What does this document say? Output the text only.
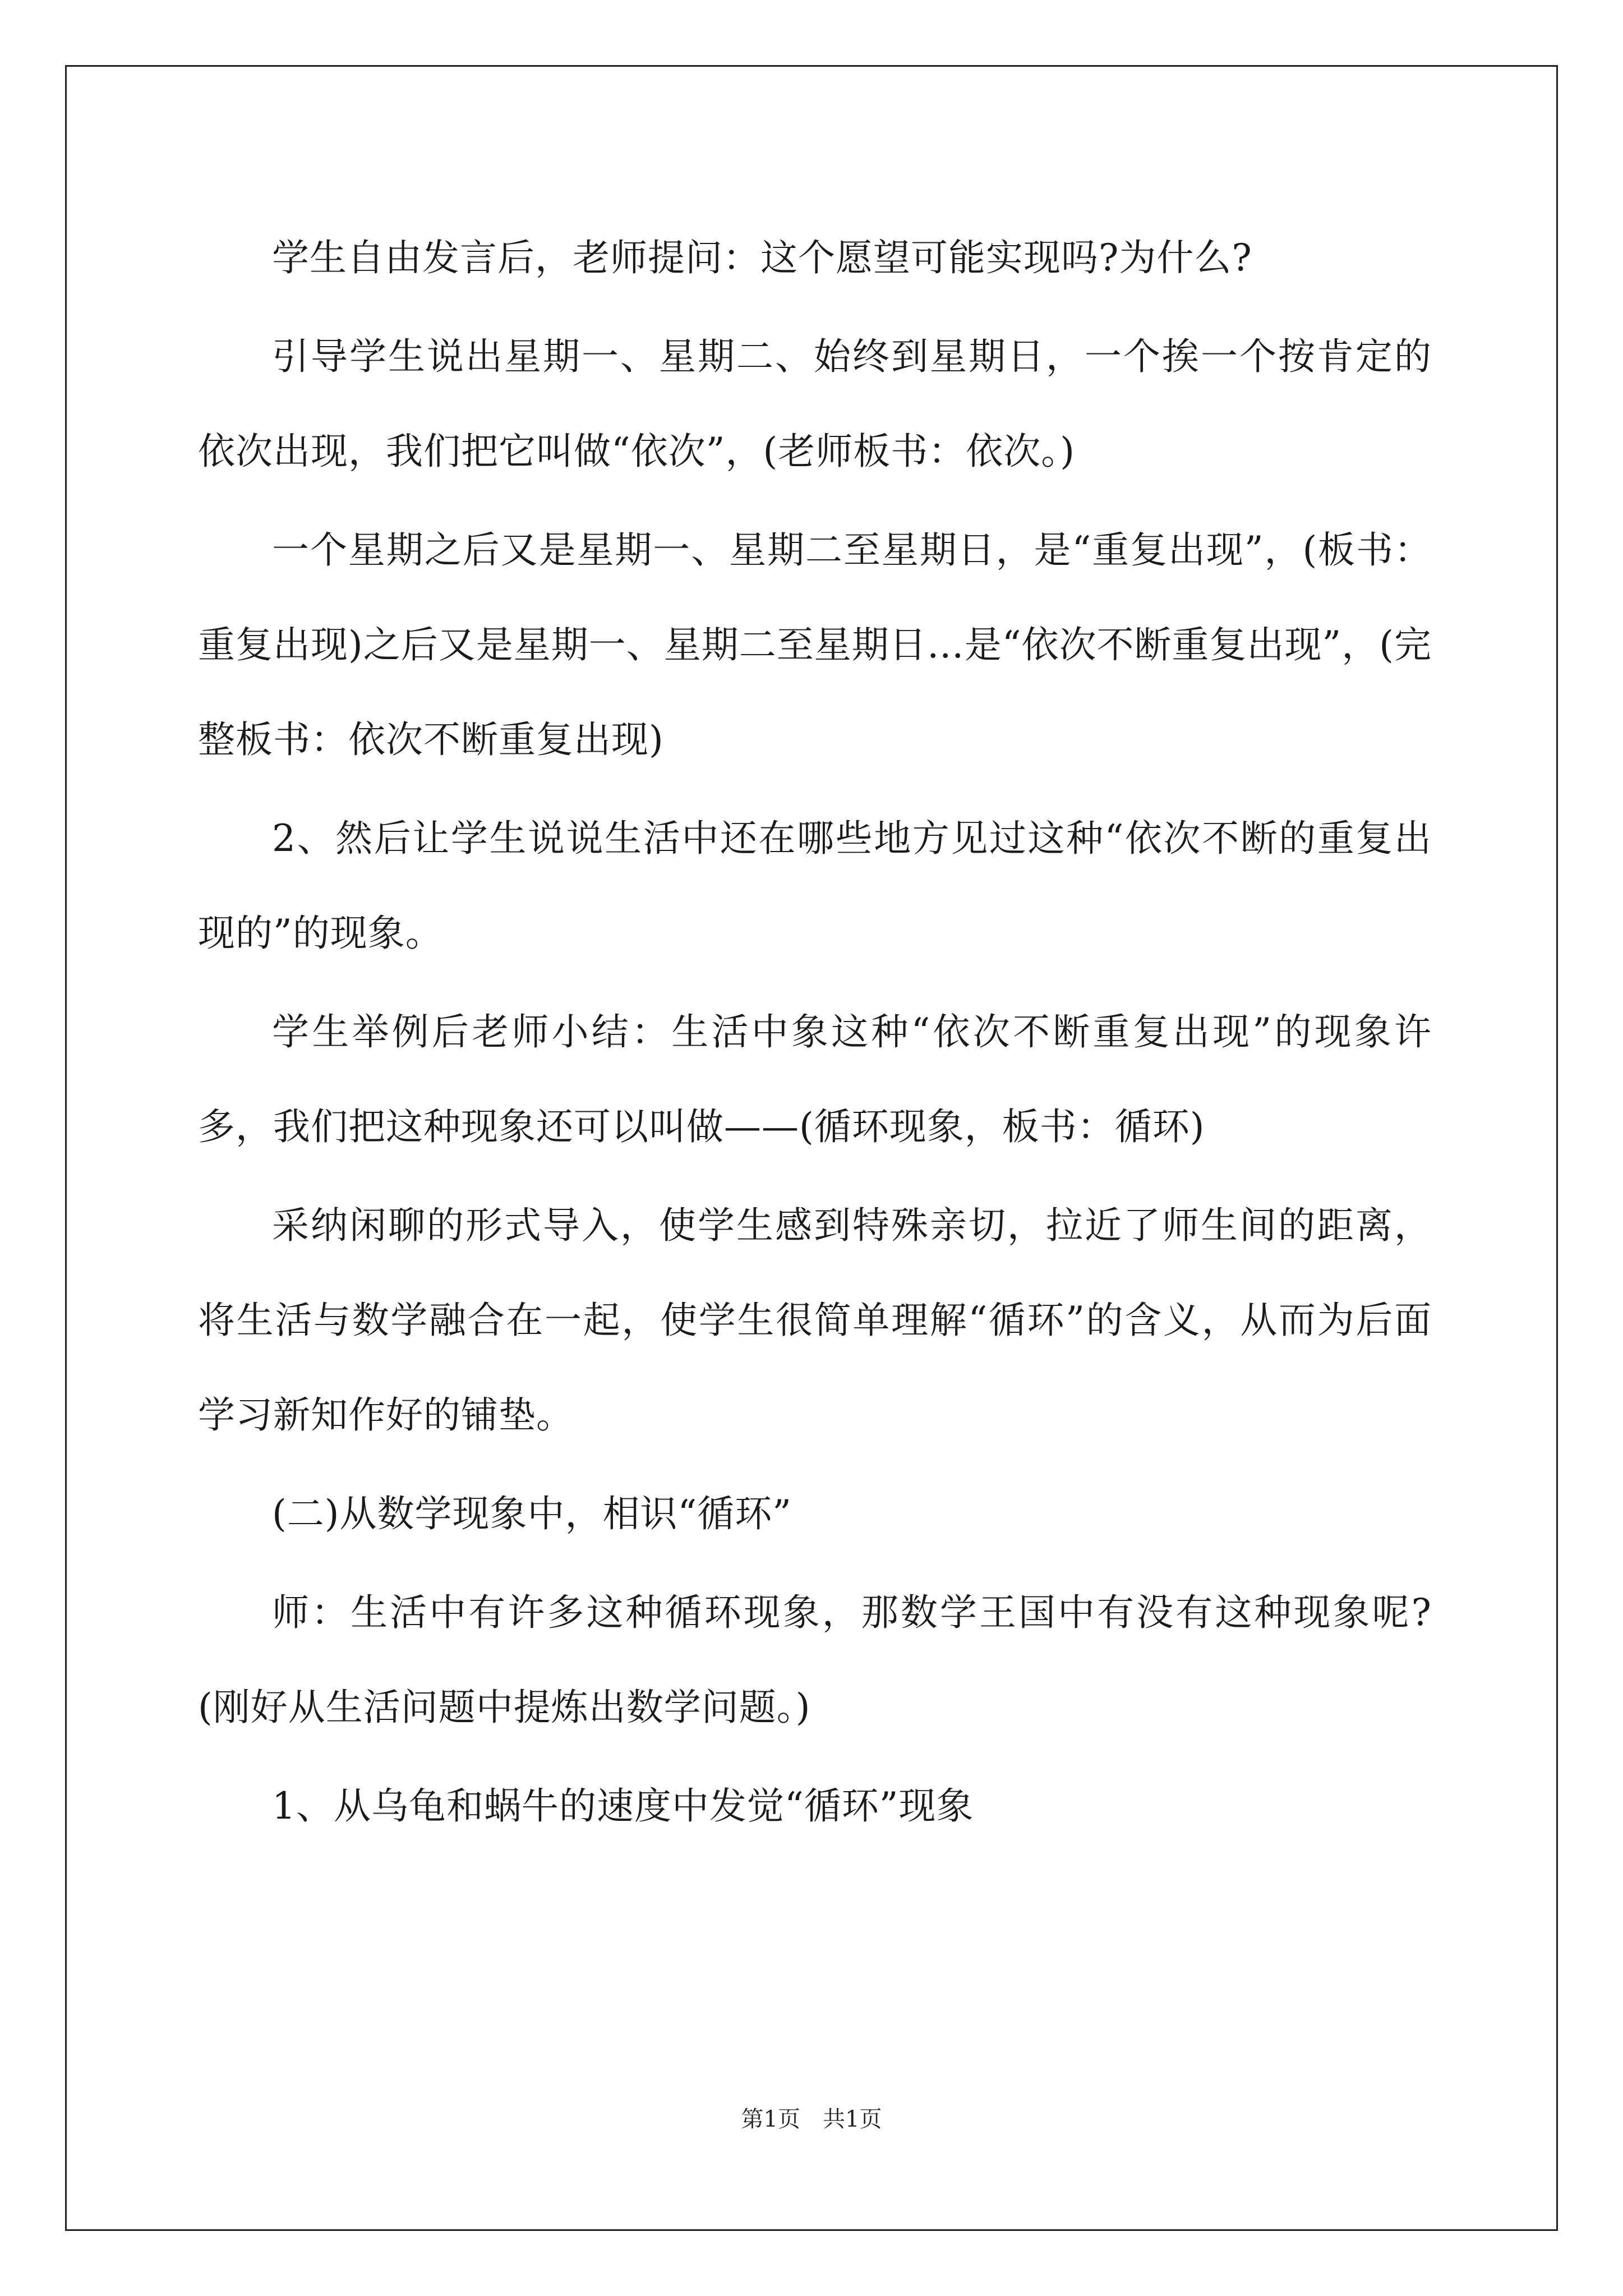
学生自由发言后，老师提问：这个愿望可能实现吗?为什么?

引导学生说出星期一、星期二、始终到星期日，一个挨一个按肯定的依次出现，我们把它叫做“依次”，(老师板书：依次。)

一个星期之后又是星期一、星期二至星期日，是“重复出现”，(板书：重复出现)之后又是星期一、星期二至星期日…是“依次不断重复出现”，(完整板书：依次不断重复出现)

2、然后让学生说说生活中还在哪些地方见过这种“依次不断的重复出现的”的现象。

学生举例后老师小结：生活中象这种“依次不断重复出现”的现象许多，我们把这种现象还可以叫做——(循环现象，板书：循环)

采纳闲聊的形式导入，使学生感到特殊亲切，拉近了师生间的距离，将生活与数学融合在一起，使学生很简单理解“循环”的含义，从而为后面学习新知作好的铺垫。

(二)从数学现象中，相识“循环”

师：生活中有许多这种循环现象，那数学王国中有没有这种现象呢?(刚好从生活问题中提炼出数学问题。)

1、从乌龟和蜗牛的速度中发觉“循环”现象

第1页　共1页
